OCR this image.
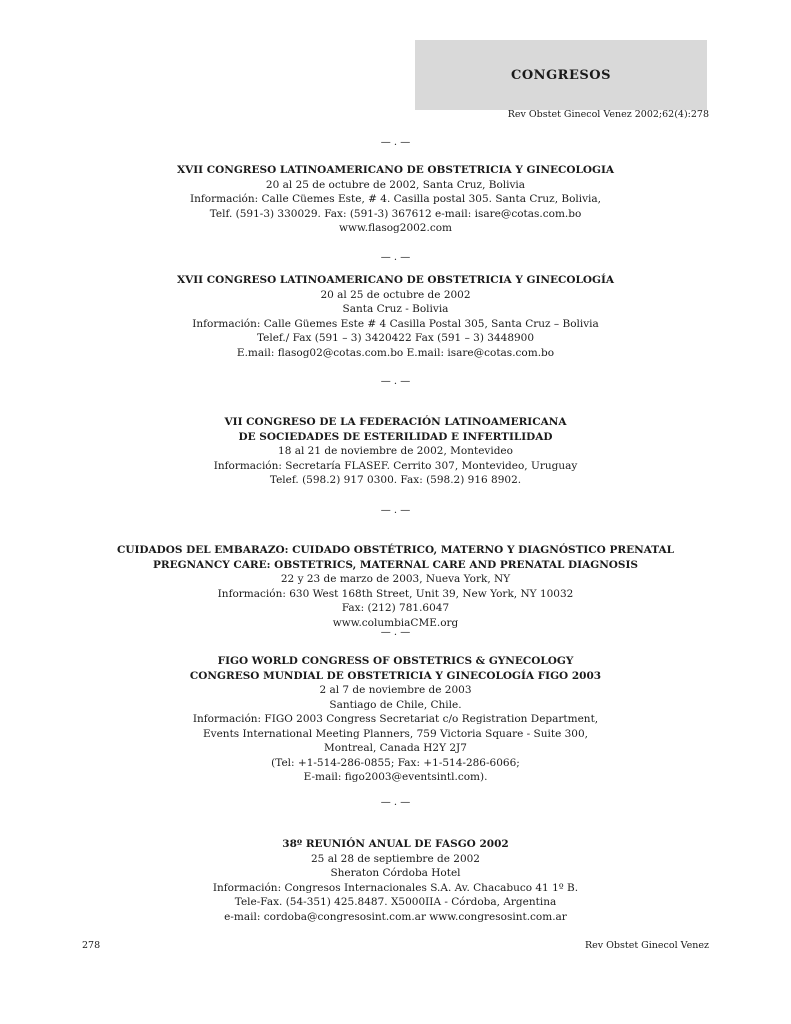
CONGRESOS
Rev Obstet Ginecol Venez 2002;62(4):278
— . —
XVII CONGRESO LATINOAMERICANO DE OBSTETRICIA Y GINECOLOGIA
20 al 25 de octubre de 2002, Santa Cruz, Bolivia
Información: Calle Cüemes Este, # 4. Casilla postal 305. Santa Cruz, Bolivia,
Telf. (591-3) 330029. Fax: (591-3) 367612 e-mail: isare@cotas.com.bo
www.flasog2002.com
— . —
XVII CONGRESO LATINOAMERICANO DE OBSTETRICIA Y GINECOLOGÍA
20 al 25 de octubre de 2002
Santa Cruz - Bolivia
Información: Calle Güemes Este # 4 Casilla Postal 305, Santa Cruz – Bolivia
Telef./ Fax (591 – 3) 3420422 Fax (591 – 3) 3448900
E.mail: flasog02@cotas.com.bo E.mail: isare@cotas.com.bo
— . —
VII CONGRESO DE LA FEDERACIÓN LATINOAMERICANA
DE SOCIEDADES DE ESTERILIDAD E INFERTILIDAD
18 al 21 de noviembre de 2002, Montevideo
Información: Secretaría FLASEF. Cerrito 307, Montevideo, Uruguay
Telef. (598.2) 917 0300. Fax: (598.2) 916 8902.
— . —
CUIDADOS DEL EMBARAZO: CUIDADO OBSTÉTRICO, MATERNO Y DIAGNÓSTICO PRENATAL
PREGNANCY CARE: OBSTETRICS, MATERNAL CARE AND PRENATAL DIAGNOSIS
22 y 23 de marzo de 2003, Nueva York, NY
Información: 630 West 168th Street, Unit 39, New York, NY 10032
Fax: (212) 781.6047
www.columbiaCME.org
— . —
FIGO WORLD CONGRESS OF OBSTETRICS & GYNECOLOGY
CONGRESO MUNDIAL DE OBSTETRICIA Y GINECOLOGÍA FIGO 2003
2 al 7 de noviembre de 2003
Santiago de Chile, Chile.
Información: FIGO 2003 Congress Secretariat c/o Registration Department,
Events International Meeting Planners, 759 Victoria Square - Suite 300,
Montreal, Canada H2Y 2J7
(Tel: +1-514-286-0855; Fax: +1-514-286-6066;
E-mail: figo2003@eventsintl.com).
— . —
38º REUNIÓN ANUAL DE FASGO 2002
25 al 28 de septiembre de 2002
Sheraton Córdoba Hotel
Información: Congresos Internacionales S.A. Av. Chacabuco 41 1º B.
Tele-Fax. (54-351) 425.8487. X5000IIA - Córdoba, Argentina
e-mail: cordoba@congresosint.com.ar www.congresosint.com.ar
278	Rev Obstet Ginecol Venez
